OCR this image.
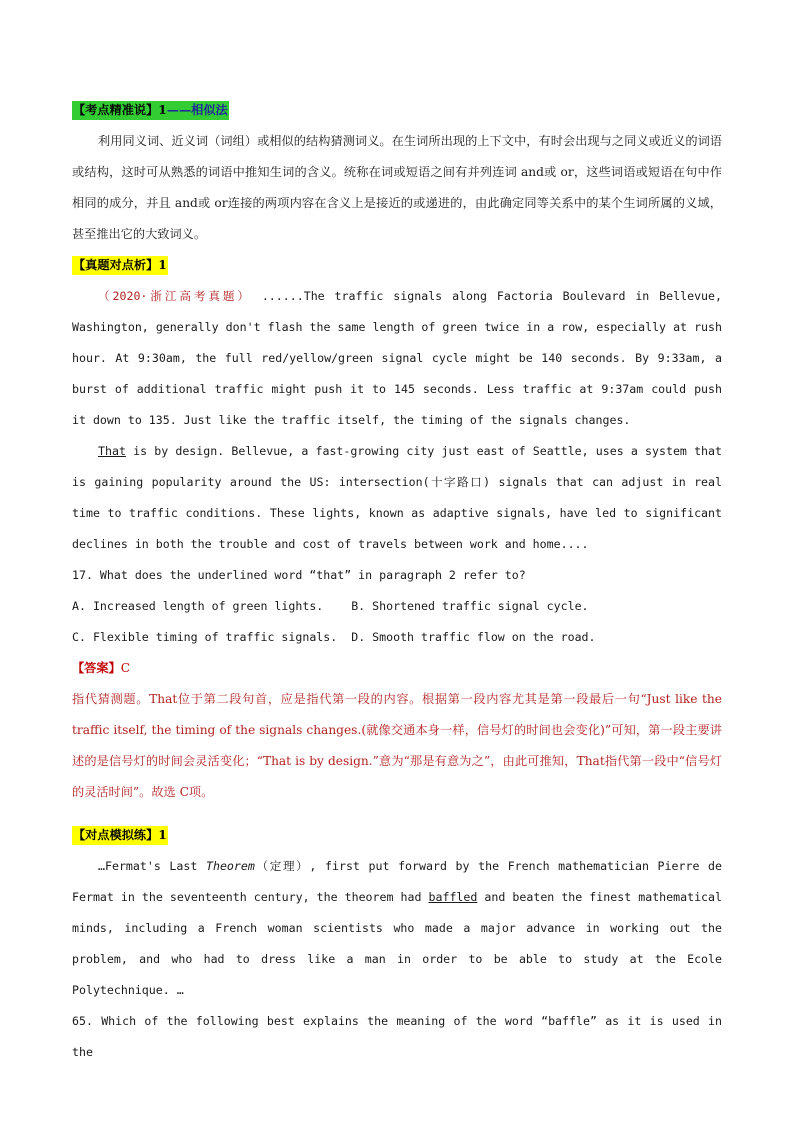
【考点精准说】1——相似法

利用同义词、近义词（词组）或相似的结构猜测词义。在生词所出现的上下文中，有时会出现与之同义或近义的词语或结构，这时可从熟悉的词语中推知生词的含义。统称在词或短语之间有并列连词 and或 or，这些词语或短语在句中作相同的成分，并且 and或 or连接的两项内容在含义上是接近的或递进的，由此确定同等关系中的某个生词所属的义域，甚至推出它的大致词义。

【真题对点析】1

（2020·浙江高考真题） ......The traffic signals along Factoria Boulevard in Bellevue, Washington, generally don't flash the same length of green twice in a row, especially at rush hour. At 9:30am, the full red/yellow/green signal cycle might be 140 seconds. By 9:33am, a burst of additional traffic might push it to 145 seconds. Less traffic at 9:37am could push it down to 135. Just like the traffic itself, the timing of the signals changes.

That is by design. Bellevue, a fast-growing city just east of Seattle, uses a system that is gaining popularity around the US: intersection(十字路口) signals that can adjust in real time to traffic conditions. These lights, known as adaptive signals, have led to significant declines in both the trouble and cost of travels between work and home....

17. What does the underlined word “that” in paragraph 2 refer to?

A. Increased length of green lights. B. Shortened traffic signal cycle.

C. Flexible timing of traffic signals. D. Smooth traffic flow on the road.

【答案】C

指代猜测题。That位于第二段句首，应是指代第一段的内容。根据第一段内容尤其是第一段最后一句“Just like the traffic itself, the timing of the signals changes.(就像交通本身一样，信号灯的时间也会变化)”可知，第一段主要讲述的是信号灯的时间会灵活变化；“That is by design.”意为“那是有意为之”，由此可推知，That指代第一段中“信号灯的灵活时间”。故选 C项。

【对点模拟练】1

…Fermat's Last Theorem（定理）, first put forward by the French mathematician Pierre de Fermat in the seventeenth century, the theorem had baffled and beaten the finest mathematical minds, including a French woman scientists who made a major advance in working out the problem, and who had to dress like a man in order to be able to study at the Ecole Polytechnique. …

65. Which of the following best explains the meaning of the word “baffle” as it is used in the
